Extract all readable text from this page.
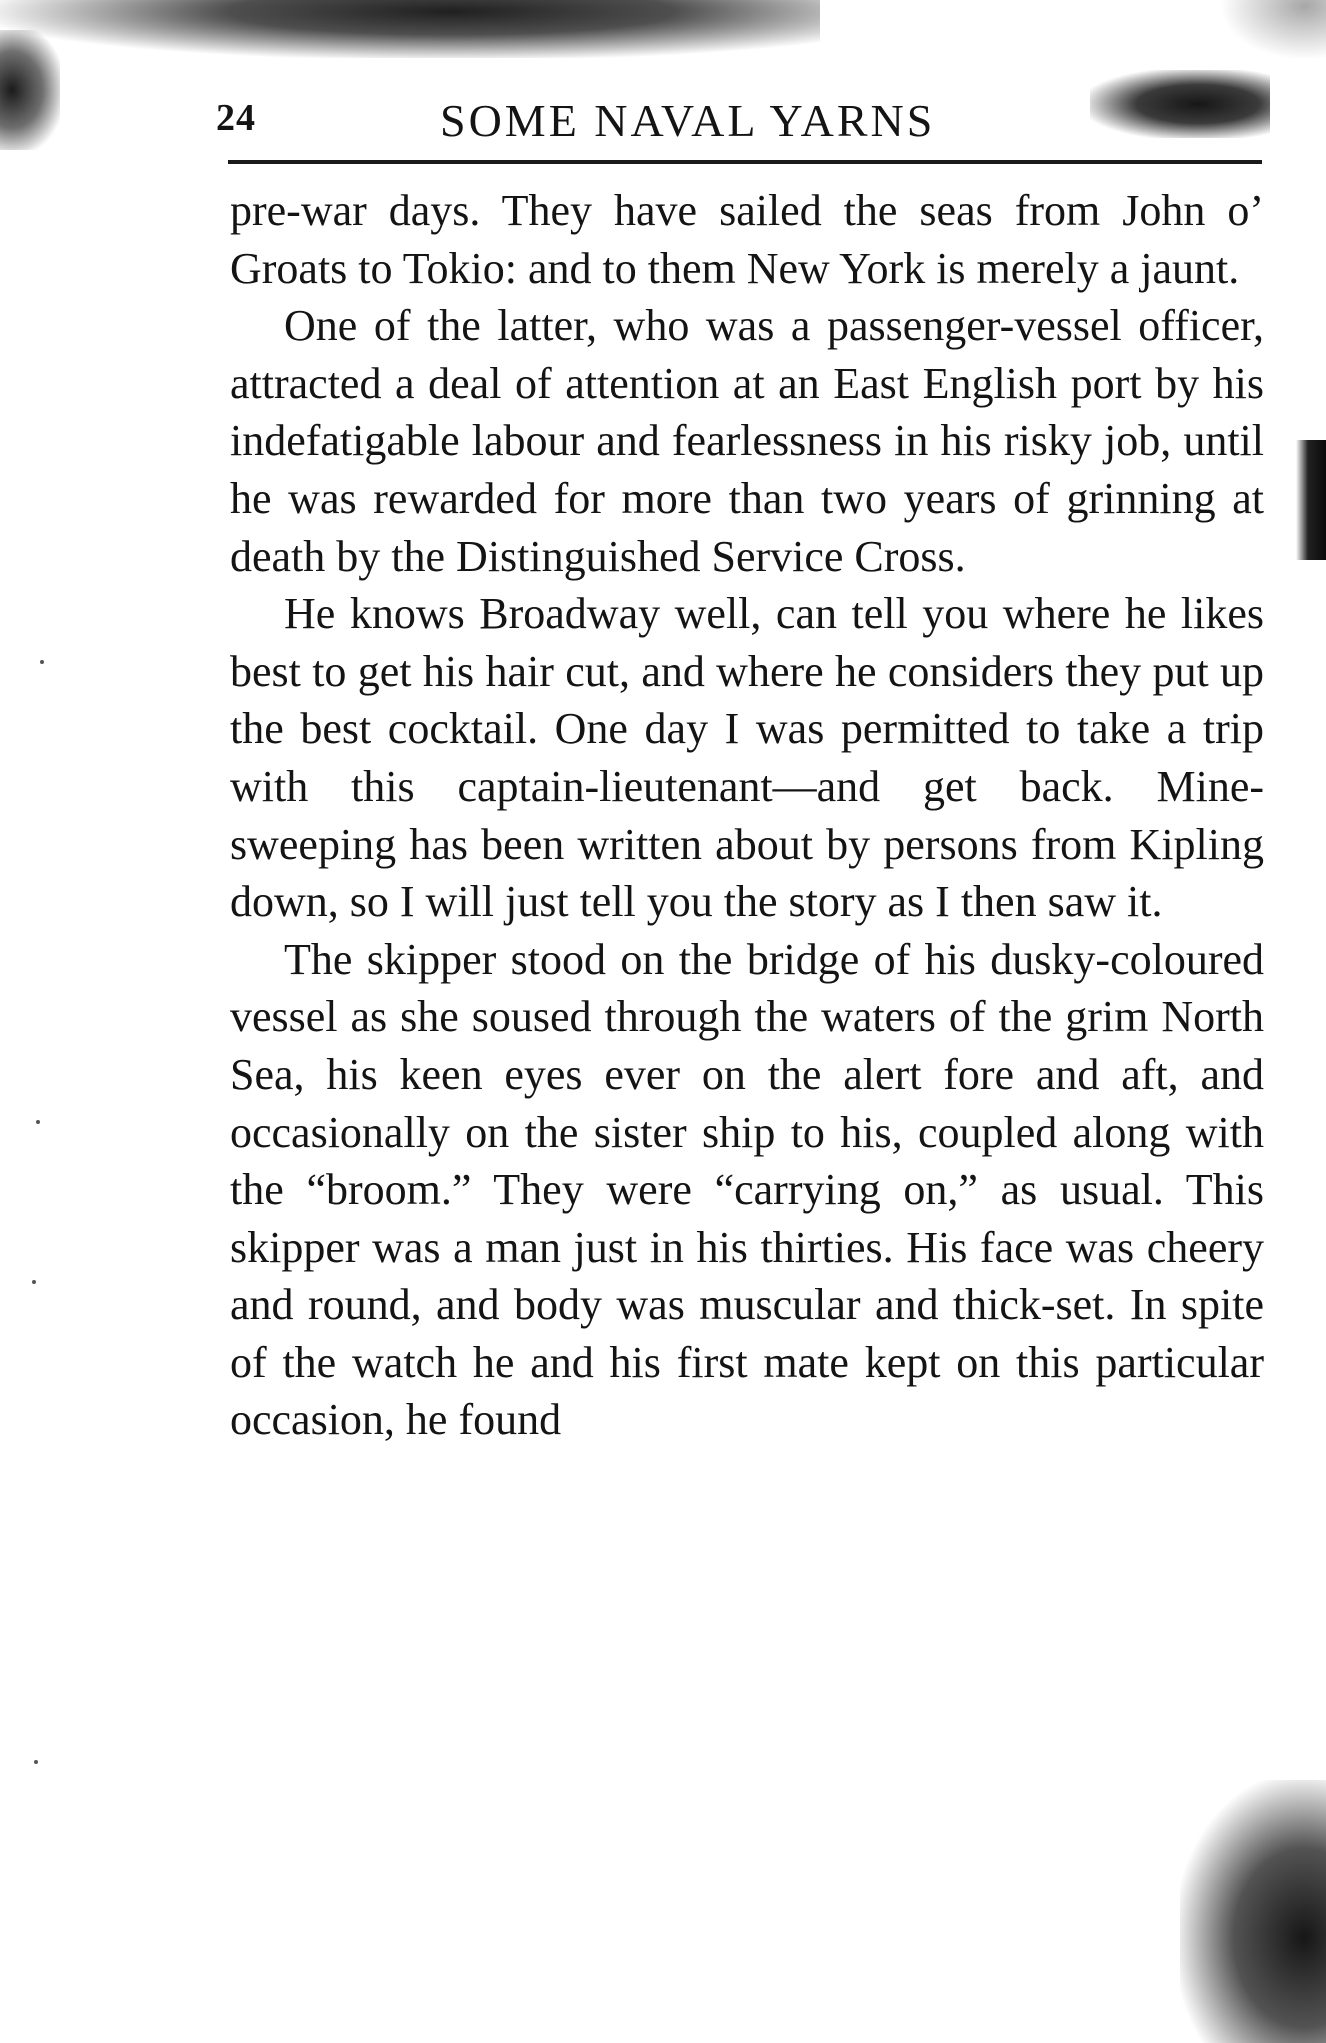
24	SOME NAVAL YARNS

pre-war days. They have sailed the seas from John o’ Groats to Tokio: and to them New York is merely a jaunt.

One of the latter, who was a passenger-vessel officer, attracted a deal of attention at an East English port by his indefatigable labour and fearlessness in his risky job, until he was rewarded for more than two years of grinning at death by the Distinguished Service Cross.

He knows Broadway well, can tell you where he likes best to get his hair cut, and where he considers they put up the best cocktail. One day I was permitted to take a trip with this captain-lieutenant—and get back. Mine-sweeping has been written about by persons from Kipling down, so I will just tell you the story as I then saw it.

The skipper stood on the bridge of his dusky-coloured vessel as she soused through the waters of the grim North Sea, his keen eyes ever on the alert fore and aft, and occasionally on the sister ship to his, coupled along with the “broom.” They were “carrying on,” as usual. This skipper was a man just in his thirties. His face was cheery and round, and body was muscular and thick-set. In spite of the watch he and his first mate kept on this particular occasion, he found
